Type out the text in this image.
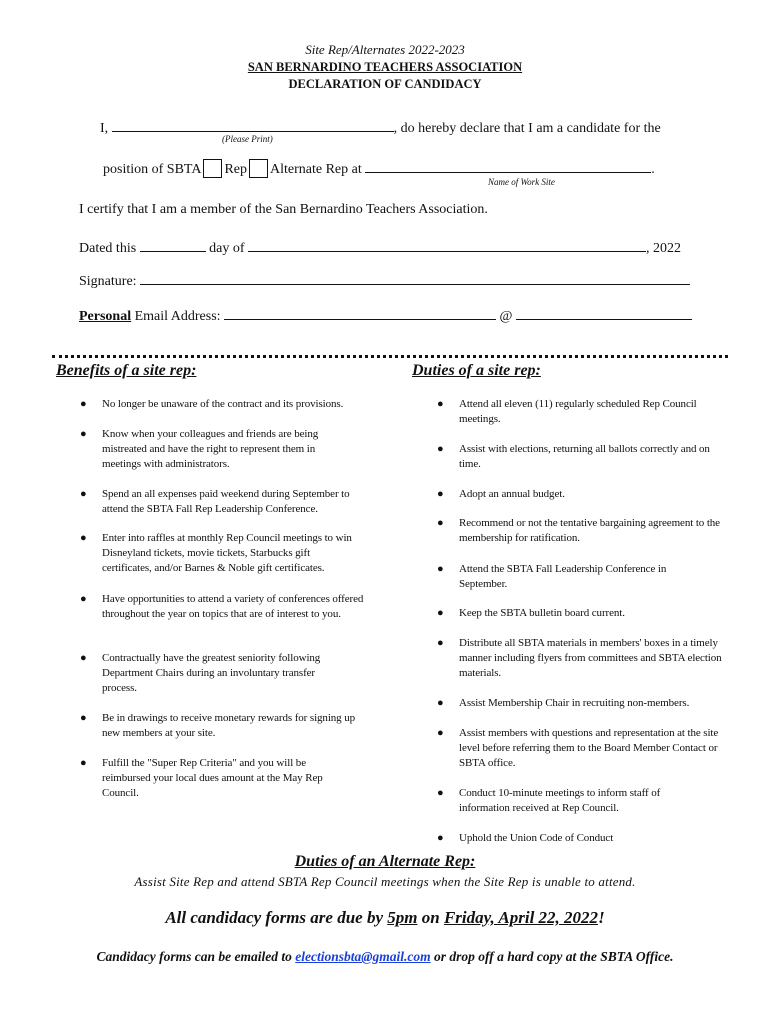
Site Rep/Alternates 2022-2023
SAN BERNARDINO TEACHERS ASSOCIATION
DECLARATION OF CANDIDACY
I,	, do hereby declare that I am a candidate for the
(Please Print)
position of SBTA Rep Alternate Rep at	.
Name of Work Site
I certify that I am a member of the San Bernardino Teachers Association.
Dated this	day of	, 2022
Signature:
Personal Email Address:	@
Benefits of a site rep:	Duties of a site rep:
● No longer be unaware of the contract and its provisions.
● Know when your colleagues and friends are being mistreated and have the right to represent them in meetings with administrators.
● Spend an all expenses paid weekend during September to attend the SBTA Fall Rep Leadership Conference.
● Enter into raffles at monthly Rep Council meetings to win Disneyland tickets, movie tickets, Starbucks gift certificates, and/or Barnes & Noble gift certificates.
● Have opportunities to attend a variety of conferences offered throughout the year on topics that are of interest to you.
● Contractually have the greatest seniority following Department Chairs during an involuntary transfer process.
● Be in drawings to receive monetary rewards for signing up new members at your site.
● Fulfill the "Super Rep Criteria" and you will be reimbursed your local dues amount at the May Rep Council.
● Attend all eleven (11) regularly scheduled Rep Council meetings.
● Assist with elections, returning all ballots correctly and on time.
● Adopt an annual budget.
● Recommend or not the tentative bargaining agreement to the membership for ratification.
● Attend the SBTA Fall Leadership Conference in September.
● Keep the SBTA bulletin board current.
● Distribute all SBTA materials in members' boxes in a timely manner including flyers from committees and SBTA election materials.
● Assist Membership Chair in recruiting non-members.
● Assist members with questions and representation at the site level before referring them to the Board Member Contact or SBTA office.
● Conduct 10-minute meetings to inform staff of information received at Rep Council.
● Uphold the Union Code of Conduct
Duties of an Alternate Rep:
Assist Site Rep and attend SBTA Rep Council meetings when the Site Rep is unable to attend.
All candidacy forms are due by 5pm on Friday, April 22, 2022!
Candidacy forms can be emailed to electionsbta@gmail.com or drop off a hard copy at the SBTA Office.
